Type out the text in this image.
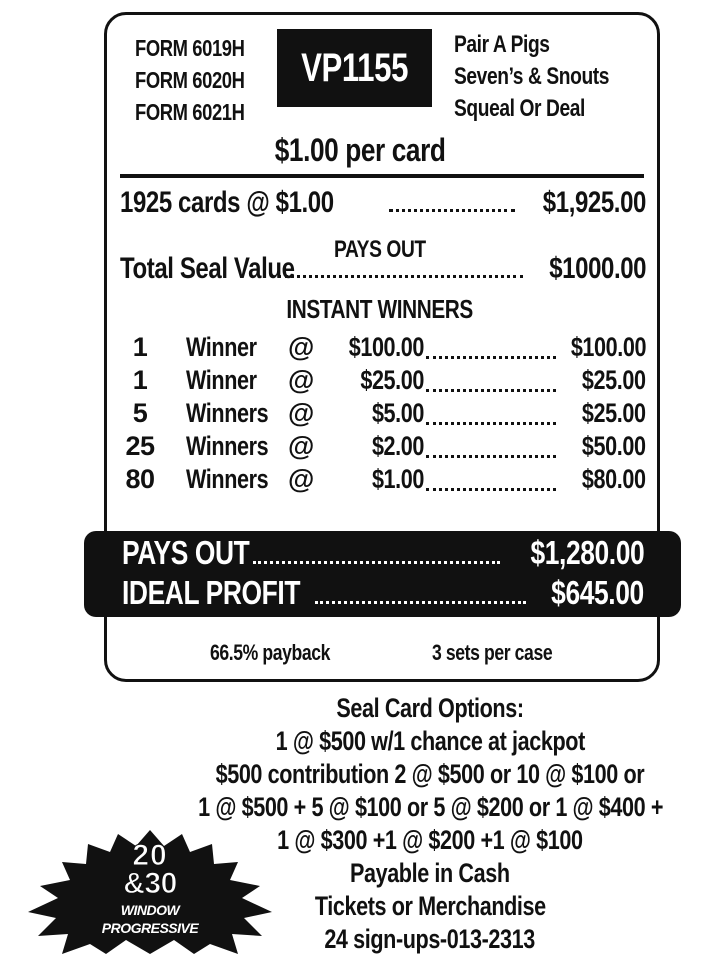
FORM 6019H
FORM 6020H
FORM 6021H
VP1155
Pair A Pigs
Seven’s & Snouts
Squeal Or Deal
$1.00 per card
1925 cards @ $1.00	$1,925.00
PAYS OUT
Total Seal Value	$1000.00
INSTANT WINNERS
1	Winner @	$100.00	$100.00
1	Winner @	$25.00	$25.00
5	Winners @	$5.00	$25.00
25 Winners @	$2.00	$50.00
80 Winners @	$1.00	$80.00
PAYS OUT	$1,280.00
IDEAL PROFIT	$645.00
66.5% payback	3 sets per case
Seal Card Options:
1 @ $500 w/1 chance at jackpot
$500 contribution 2 @ $500 or 10 @ $100 or
1 @ $500 + 5 @ $100 or 5 @ $200 or 1 @ $400 +
1 @ $300 +1 @ $200 +1 @ $100
Payable in Cash
Tickets or Merchandise
24 sign-ups-013-2313
20
&30
WINDOW
PROGRESSIVE
